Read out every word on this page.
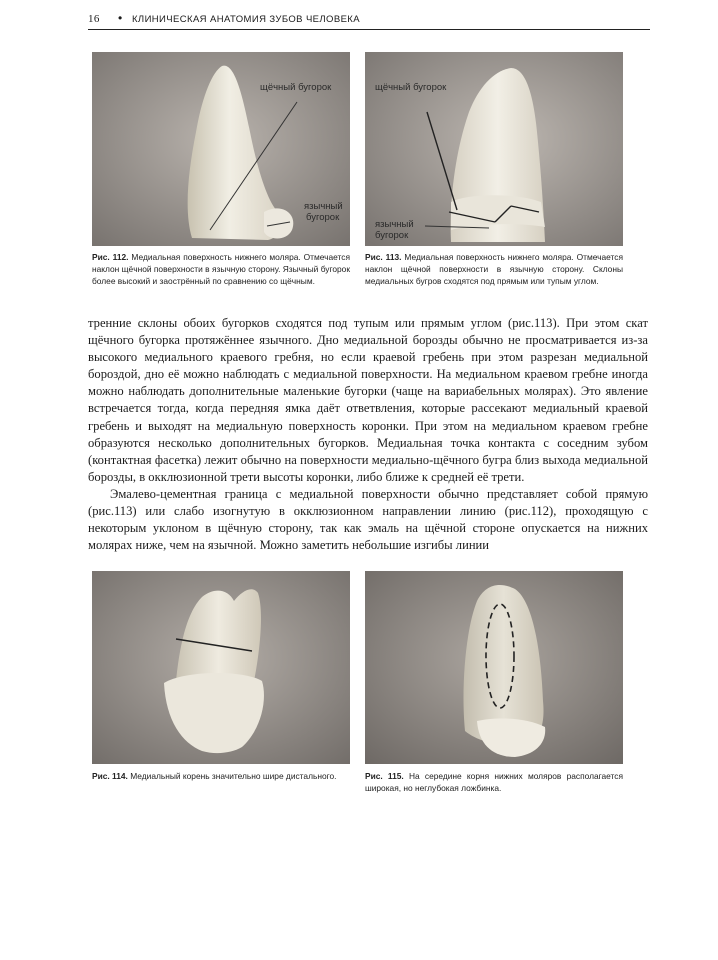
16 • КЛИНИЧЕСКАЯ АНАТОМИЯ ЗУБОВ ЧЕЛОВЕКА
щёчный бугорок
язычный
бугорок
Рис. 112. Медиальная поверхность нижнего моляра. Отмечается наклон щёчной поверхности в язычную сторону. Язычный бугорок более высокий и заострённый по сравнению со щёчным.
щёчный бугорок
язычный
бугорок
Рис. 113. Медиальная поверхность нижнего моляра. Отмечается наклон щёчной поверхности в язычную сторону. Склоны медиальных бугров сходятся под прямым или тупым углом.

тренние склоны обоих бугорков сходятся под тупым или прямым углом (рис.113). При этом скат щёчного бугорка протяжённее язычного. Дно медиальной борозды обычно не просматривается из-за высокого медиального краевого гребня, но если краевой гребень при этом разрезан медиальной бороздой, дно её можно наблюдать с медиальной поверхности. На медиальном краевом гребне иногда можно наблюдать дополнительные маленькие бугорки (чаще на вариабельных молярах). Это явление встречается тогда, когда передняя ямка даёт ответвления, которые рассекают медиальный краевой гребень и выходят на медиальную поверхность коронки. При этом на медиальном краевом гребне образуются несколько дополнительных бугорков. Медиальная точка контакта с соседним зубом (контактная фасетка) лежит обычно на поверхности медиально-щёчного бугра близ выхода медиальной борозды, в окклюзионной трети высоты коронки, либо ближе к средней её трети.

Эмалево-цементная граница с медиальной поверхности обычно представляет собой прямую (рис.113) или слабо изогнутую в окклюзионном направлении линию (рис.112), проходящую с некоторым уклоном в щёчную сторону, так как эмаль на щёчной стороне опускается на нижних молярах ниже, чем на язычной. Можно заметить небольшие изгибы линии

Рис. 114. Медиальный корень значительно шире дистального.	Рис. 115. На середине корня нижних моляров располагается широкая, но неглубокая ложбинка.
